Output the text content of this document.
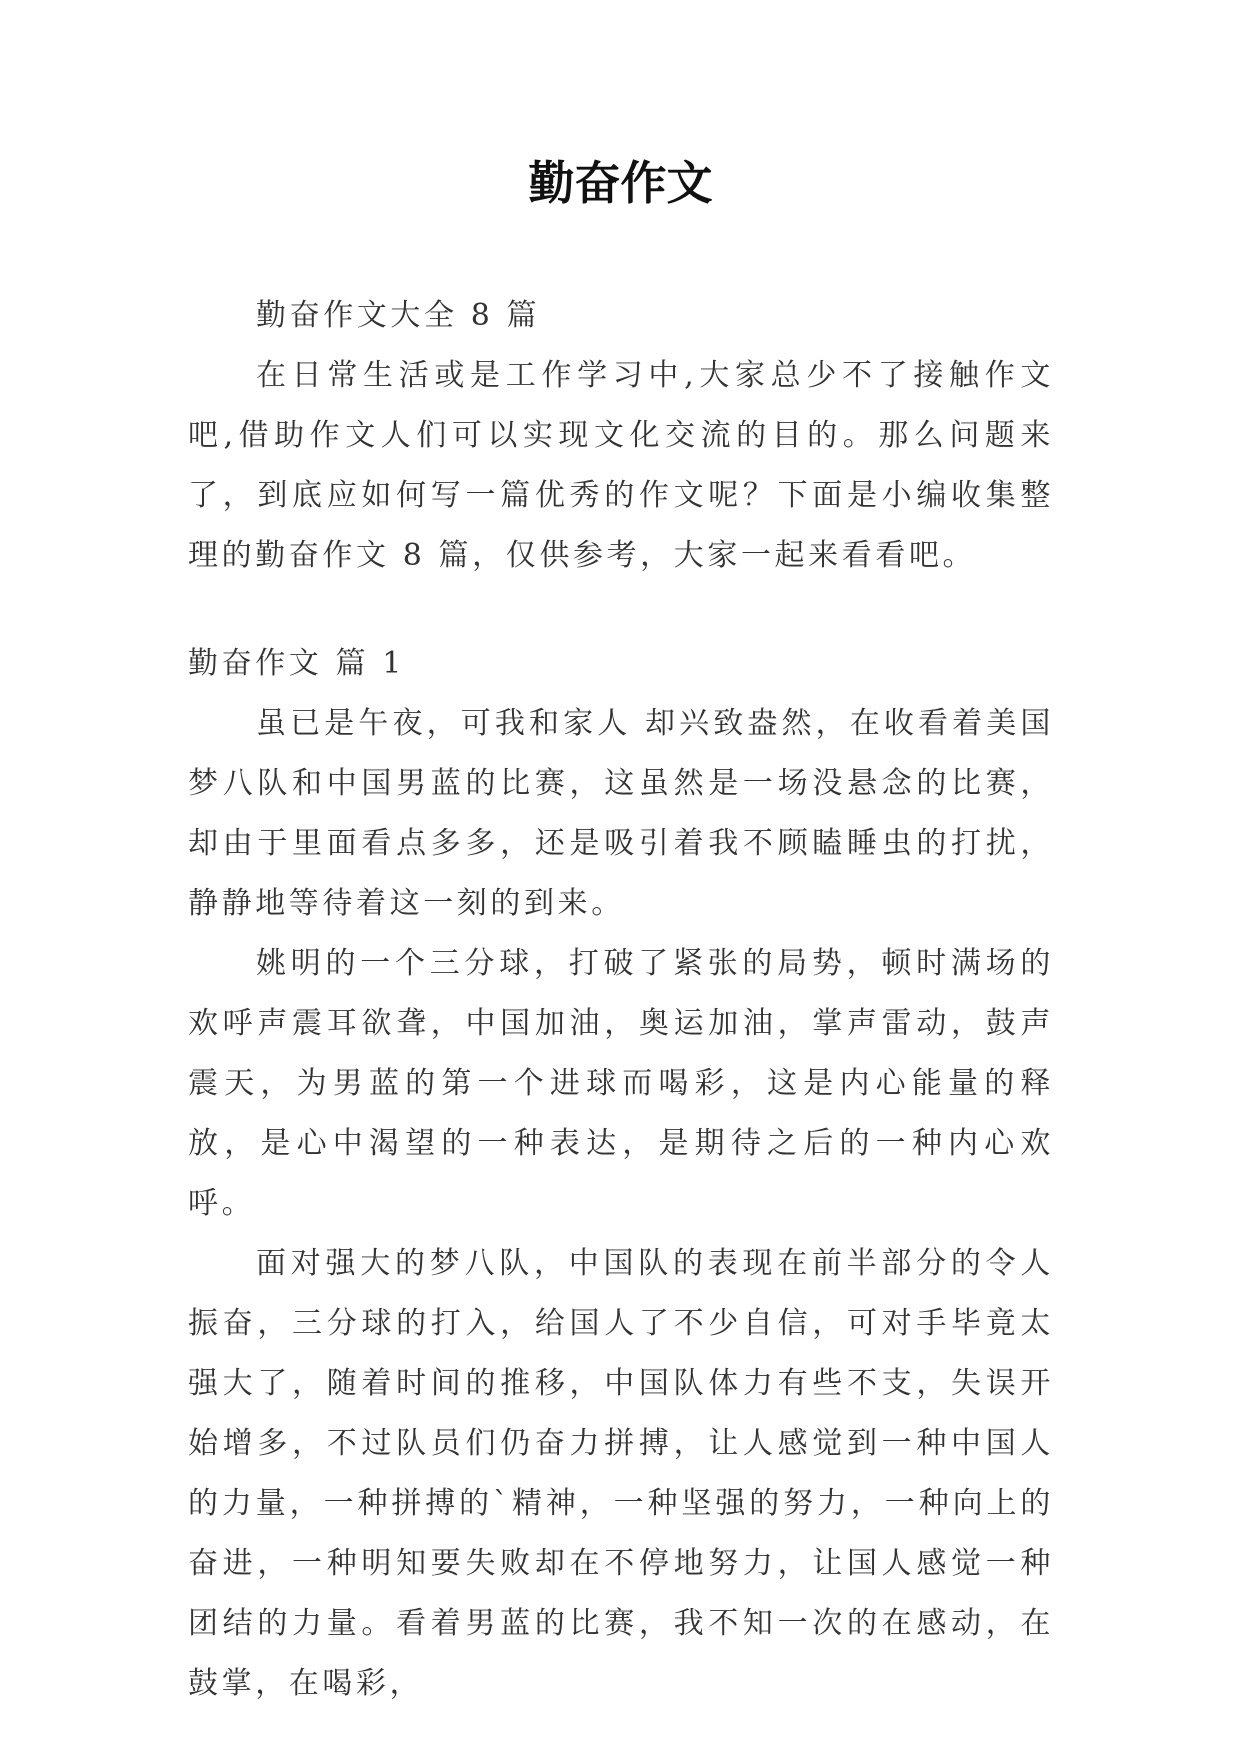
勤奋作文

勤奋作文大全 8 篇

在日常生活或是工作学习中,大家总少不了接触作文吧,借助作文人们可以实现文化交流的目的。那么问题来了，到底应如何写一篇优秀的作文呢？下面是小编收集整理的勤奋作文 8 篇，仅供参考，大家一起来看看吧。

勤奋作文 篇 1

虽已是午夜，可我和家人 却兴致盎然，在收看着美国梦八队和中国男蓝的比赛，这虽然是一场没悬念的比赛，却由于里面看点多多，还是吸引着我不顾瞌睡虫的打扰，静静地等待着这一刻的到来。

姚明的一个三分球，打破了紧张的局势，顿时满场的欢呼声震耳欲聋，中国加油，奥运加油，掌声雷动，鼓声震天，为男蓝的第一个进球而喝彩，这是内心能量的释放，是心中渴望的一种表达，是期待之后的一种内心欢呼。

面对强大的梦八队，中国队的表现在前半部分的令人振奋，三分球的打入，给国人了不少自信，可对手毕竟太强大了，随着时间的推移，中国队体力有些不支，失误开始增多，不过队员们仍奋力拼搏，让人感觉到一种中国人的力量，一种拼搏的`精神，一种坚强的努力，一种向上的奋进，一种明知要失败却在不停地努力，让国人感觉一种团结的力量。看着男蓝的比赛，我不知一次的在感动，在鼓掌，在喝彩，
